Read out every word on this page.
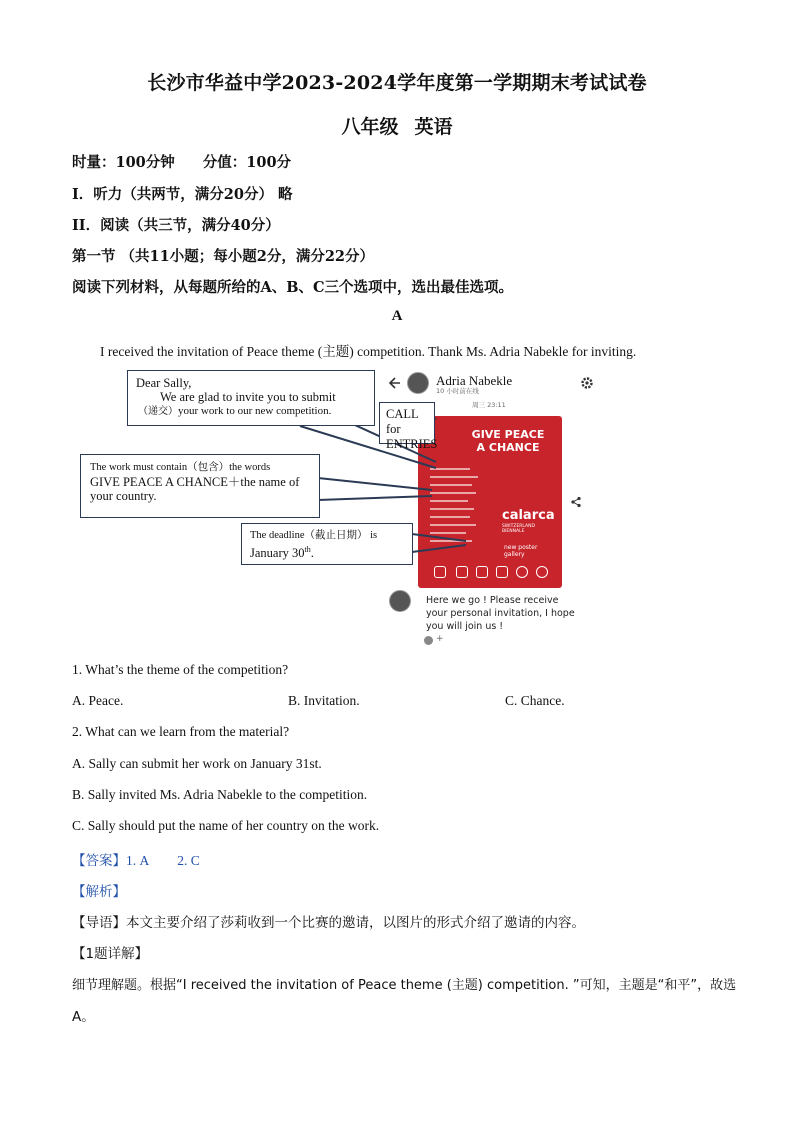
长沙市华益中学2023-2024学年度第一学期期末考试试卷
八年级 英语
时量：100分钟 分值：100分
I．听力（共两节，满分20分） 略
II．阅读（共三节，满分40分）
第一节 （共11小题；每小题2分，满分22分）
阅读下列材料，从每题所给的A、B、C三个选项中，选出最佳选项。
A
I received the invitation of Peace theme (主题) competition. Thank Ms. Adria Nabekle for inviting.
Adria Nabekle
10 小时前在线
周三 23:11
GIVE PEACE
A CHANCE
calarca
SWITZERLAND BIENNALE
new poster
gallery
Dear Sally,
We are glad to invite you to submit
（递交）your work to our new competition.	CALL for
ENTRIES
The work must contain（包含）the words
GIVE PEACE A CHANCE＋the name of
your country.
The deadline（截止日期） is
January 30th.
Here we go ! Please receive
your personal invitation, I hope
you will join us !
+
1. What’s the theme of the competition?
A. Peace.	B. Invitation.	C. Chance.
2. What can we learn from the material?
A. Sally can submit her work on January 31st.
B. Sally invited Ms. Adria Nabekle to the competition.
C. Sally should put the name of her country on the work.
【答案】1. A 2. C
【解析】
【导语】本文主要介绍了莎莉收到一个比赛的邀请，以图片的形式介绍了邀请的内容。
【1题详解】
细节理解题。根据“I received the invitation of Peace theme (主题) competition. ”可知，主题是“和平”，故选
A。
